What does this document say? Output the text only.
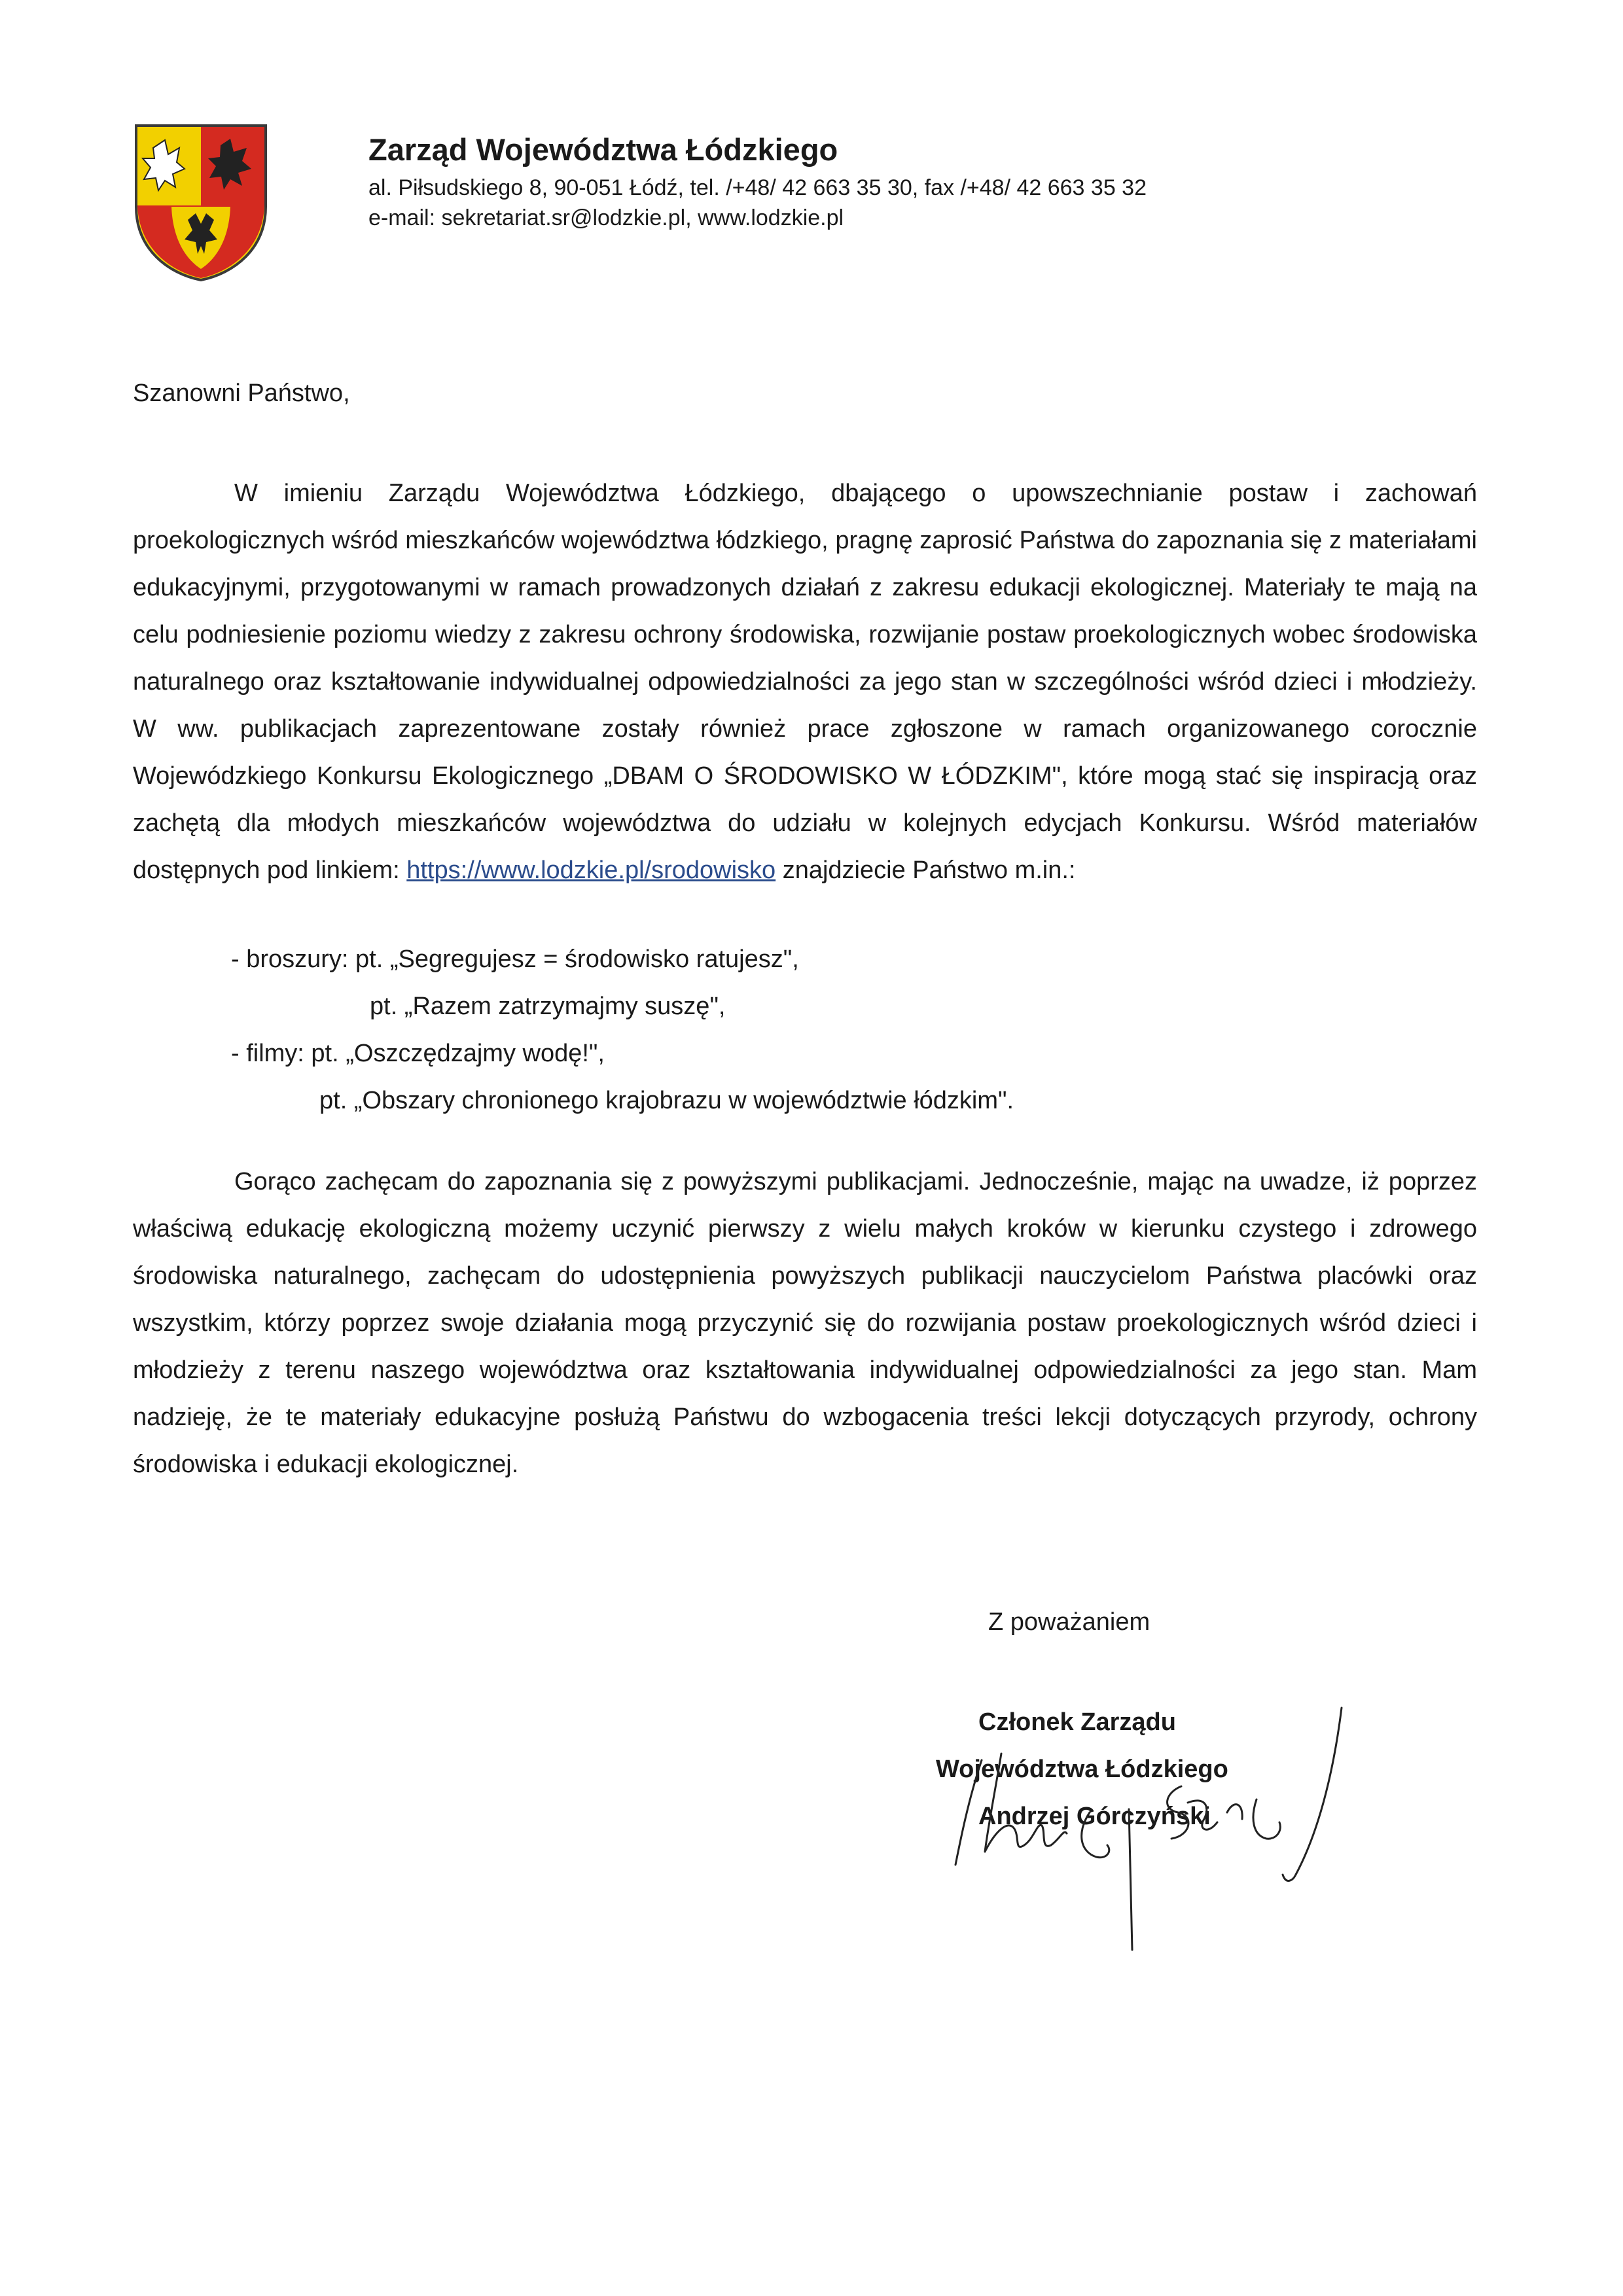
Zarząd Województwa Łódzkiego
al. Piłsudskiego 8, 90-051 Łódź, tel. /+48/ 42 663 35 30, fax /+48/ 42 663 35 32
e-mail: sekretariat.sr@lodzkie.pl, www.lodzkie.pl
Szanowni Państwo,

W imieniu Zarządu Województwa Łódzkiego, dbającego o upowszechnianie postaw i zachowań proekologicznych wśród mieszkańców województwa łódzkiego, pragnę zaprosić Państwa do zapoznania się z materiałami edukacyjnymi, przygotowanymi w ramach prowadzonych działań z zakresu edukacji ekologicznej. Materiały te mają na celu podniesienie poziomu wiedzy z zakresu ochrony środowiska, rozwijanie postaw proekologicznych wobec środowiska naturalnego oraz kształtowanie indywidualnej odpowiedzialności za jego stan w szczególności wśród dzieci i młodzieży. W ww. publikacjach zaprezentowane zostały również prace zgłoszone w ramach organizowanego corocznie Wojewódzkiego Konkursu Ekologicznego „DBAM O ŚRODOWISKO W ŁÓDZKIM", które mogą stać się inspiracją oraz zachętą dla młodych mieszkańców województwa do udziału w kolejnych edycjach Konkursu. Wśród materiałów dostępnych pod linkiem: https://www.lodzkie.pl/srodowisko znajdziecie Państwo m.in.:

- broszury: pt. „Segregujesz = środowisko ratujesz",
pt. „Razem zatrzymajmy suszę",
- filmy: pt. „Oszczędzajmy wodę!",
pt. „Obszary chronionego krajobrazu w województwie łódzkim".

Gorąco zachęcam do zapoznania się z powyższymi publikacjami. Jednocześnie, mając na uwadze, iż poprzez właściwą edukację ekologiczną możemy uczynić pierwszy z wielu małych kroków w kierunku czystego i zdrowego środowiska naturalnego, zachęcam do udostępnienia powyższych publikacji nauczycielom Państwa placówki oraz wszystkim, którzy poprzez swoje działania mogą przyczynić się do rozwijania postaw proekologicznych wśród dzieci i młodzieży z terenu naszego województwa oraz kształtowania indywidualnej odpowiedzialności za jego stan. Mam nadzieję, że te materiały edukacyjne posłużą Państwu do wzbogacenia treści lekcji dotyczących przyrody, ochrony środowiska i edukacji ekologicznej.

Z poważaniem
Członek Zarządu
Województwa Łódzkiego
Andrzej Górczyński
